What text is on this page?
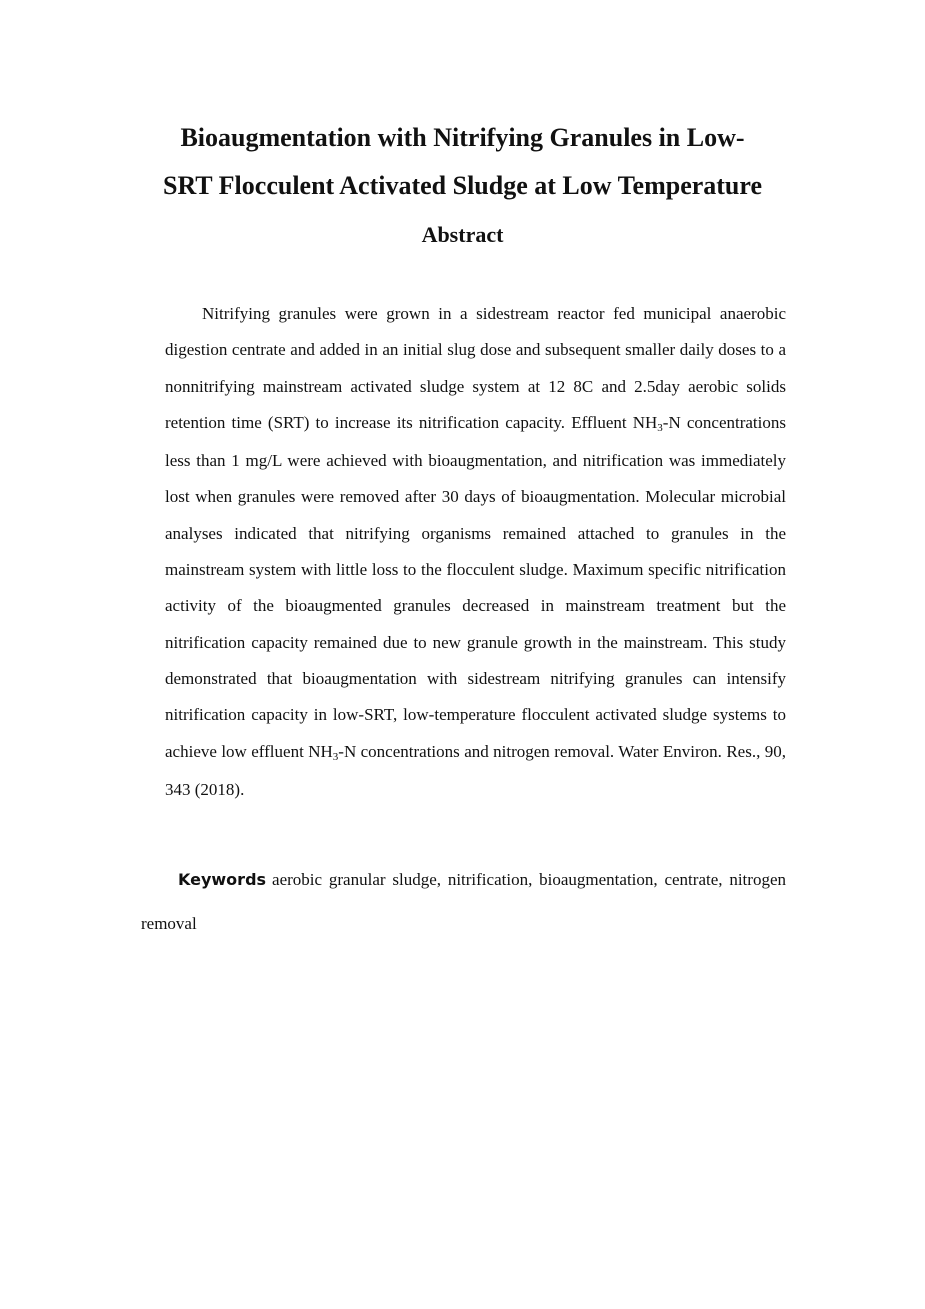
Bioaugmentation with Nitrifying Granules in Low-
SRT Flocculent Activated Sludge at Low Temperature
Abstract

Nitrifying granules were grown in a sidestream reactor fed municipal anaerobic digestion centrate and added in an initial slug dose and subsequent smaller daily doses to a nonnitrifying mainstream activated sludge system at 12 8C and 2.5day aerobic solids retention time (SRT) to increase its nitrification capacity. Effluent $NH_3-N$ concentrations less than 1 mg/L were achieved with bioaugmentation, and nitrification was immediately lost when granules were removed after 30 days of bioaugmentation. Molecular microbial analyses indicated that nitrifying organisms remained attached to granules in the mainstream system with little loss to the flocculent sludge. Maximum specific nitrification activity of the bioaugmented granules decreased in mainstream treatment but the nitrification capacity remained due to new granule growth in the mainstream. This study demonstrated that bioaugmentation with sidestream nitrifying granules can intensify nitrification capacity in low-SRT, low-temperature flocculent activated sludge systems to achieve low effluent $NH_3-N$ concentrations and nitrogen removal. Water Environ. Res., 90, 343 (2018).

Keywords aerobic granular sludge, nitrification, bioaugmentation, centrate, nitrogen removal
